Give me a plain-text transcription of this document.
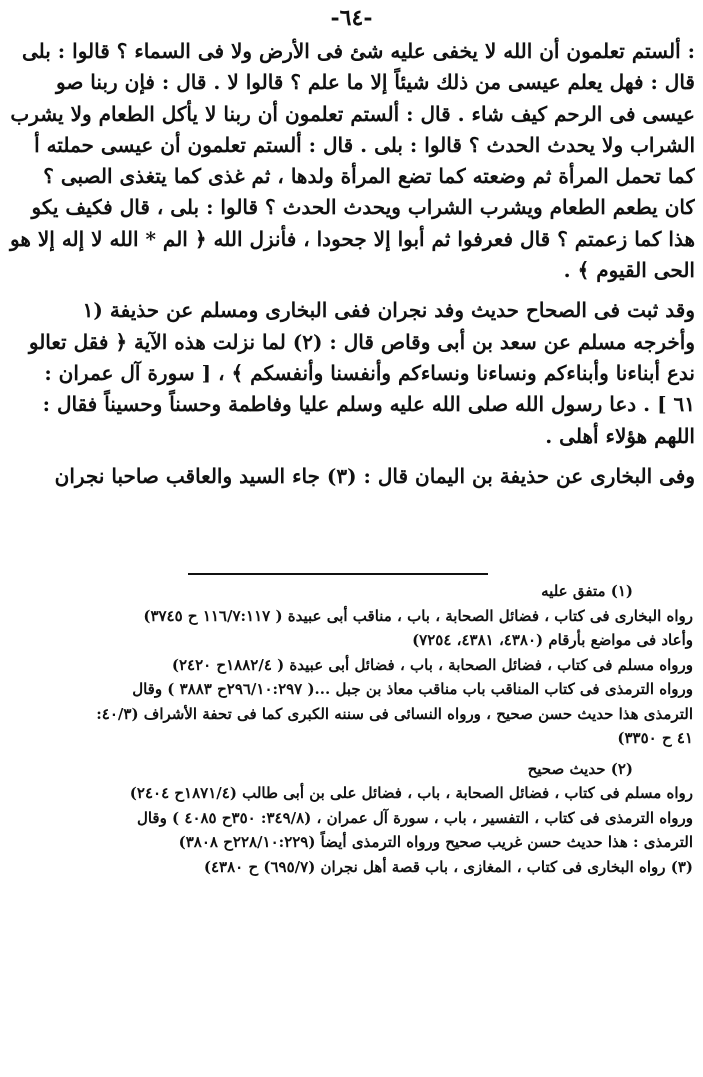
-٦٤-
: ألستم تعلمون أن الله لا يخفى عليه شئ فى الأرض ولا فى السماء ؟ قالوا : بلى
قال : فهل يعلم عيسى من ذلك شيئاً إلا ما علم ؟ قالوا لا . قال : فإن ربنا صو
عيسى فى الرحم كيف شاء . قال : ألستم تعلمون أن ربنا لا يأكل الطعام ولا يشرب
الشراب ولا يحدث الحدث ؟ قالوا : بلى . قال : ألستم تعلمون أن عيسى حملته أ
كما تحمل المرأة ثم وضعته كما تضع المرأة ولدها ، ثم غذى كما يتغذى الصبى ؟
كان يطعم الطعام ويشرب الشراب ويحدث الحدث ؟ قالوا : بلى ، قال فكيف يكو
هذا كما زعمتم ؟ قال فعرفوا ثم أبوا إلا جحودا ، فأنزل الله ﴿ الم * الله لا إله إلا هو
الحى القيوم ﴾ .
وقد ثبت فى الصحاح حديث وفد نجران ففى البخارى ومسلم عن حذيفة (١
وأخرجه مسلم عن سعد بن أبى وقاص قال : (٢) لما نزلت هذه الآية ﴿ فقل تعالو
ندع أبناءنا وأبناءكم ونساءنا ونساءكم وأنفسنا وأنفسكم ﴾ ، [ سورة آل عمران :
٦١ ] . دعا رسول الله صلى الله عليه وسلم عليا وفاطمة وحسناً وحسيناً فقال :
اللهم هؤلاء أهلى .
وفى البخارى عن حذيفة بن اليمان قال : (٣) جاء السيد والعاقب صاحبا نجران
(١) متفق عليه
رواه البخارى فى كتاب ، فضائل الصحابة ، باب ، مناقب أبى عبيدة ( ١١٦/٧:١١٧ ح ٣٧٤٥)
وأعاد فى مواضع بأرقام (٤٣٨٠، ٤٣٨١، ٧٢٥٤)
ورواه مسلم فى كتاب ، فضائل الصحابة ، باب ، فضائل أبى عبيدة ( ١٨٨٢/٤ح ٢٤٢٠)
ورواه الترمذى فى كتاب المناقب باب مناقب معاذ بن جبل ...( ٢٩٦/١٠:٢٩٧ح ٣٨٨٣ ) وقال
الترمذى هذا حديث حسن صحيح ، ورواه النسائى فى سننه الكبرى كما فى تحفة الأشراف (٤٠/٣:
٤١ ح ٣٣٥٠)
(٢) حديث صحيح
رواه مسلم فى كتاب ، فضائل الصحابة ، باب ، فضائل على بن أبى طالب (١٨٧١/٤ح ٢٤٠٤)
ورواه الترمذى فى كتاب ، التفسير ، باب ، سورة آل عمران ، (٣٤٩/٨: ٣٥٠ح ٤٠٨٥ ) وقال
الترمذى : هذا حديث حسن غريب صحيح ورواه الترمذى أيضاً (٢٢٨/١٠:٢٢٩ح ٣٨٠٨)
(٣) رواه البخارى فى كتاب ، المغازى ، باب قصة أهل نجران (٦٩٥/٧) ح ٤٣٨٠)
